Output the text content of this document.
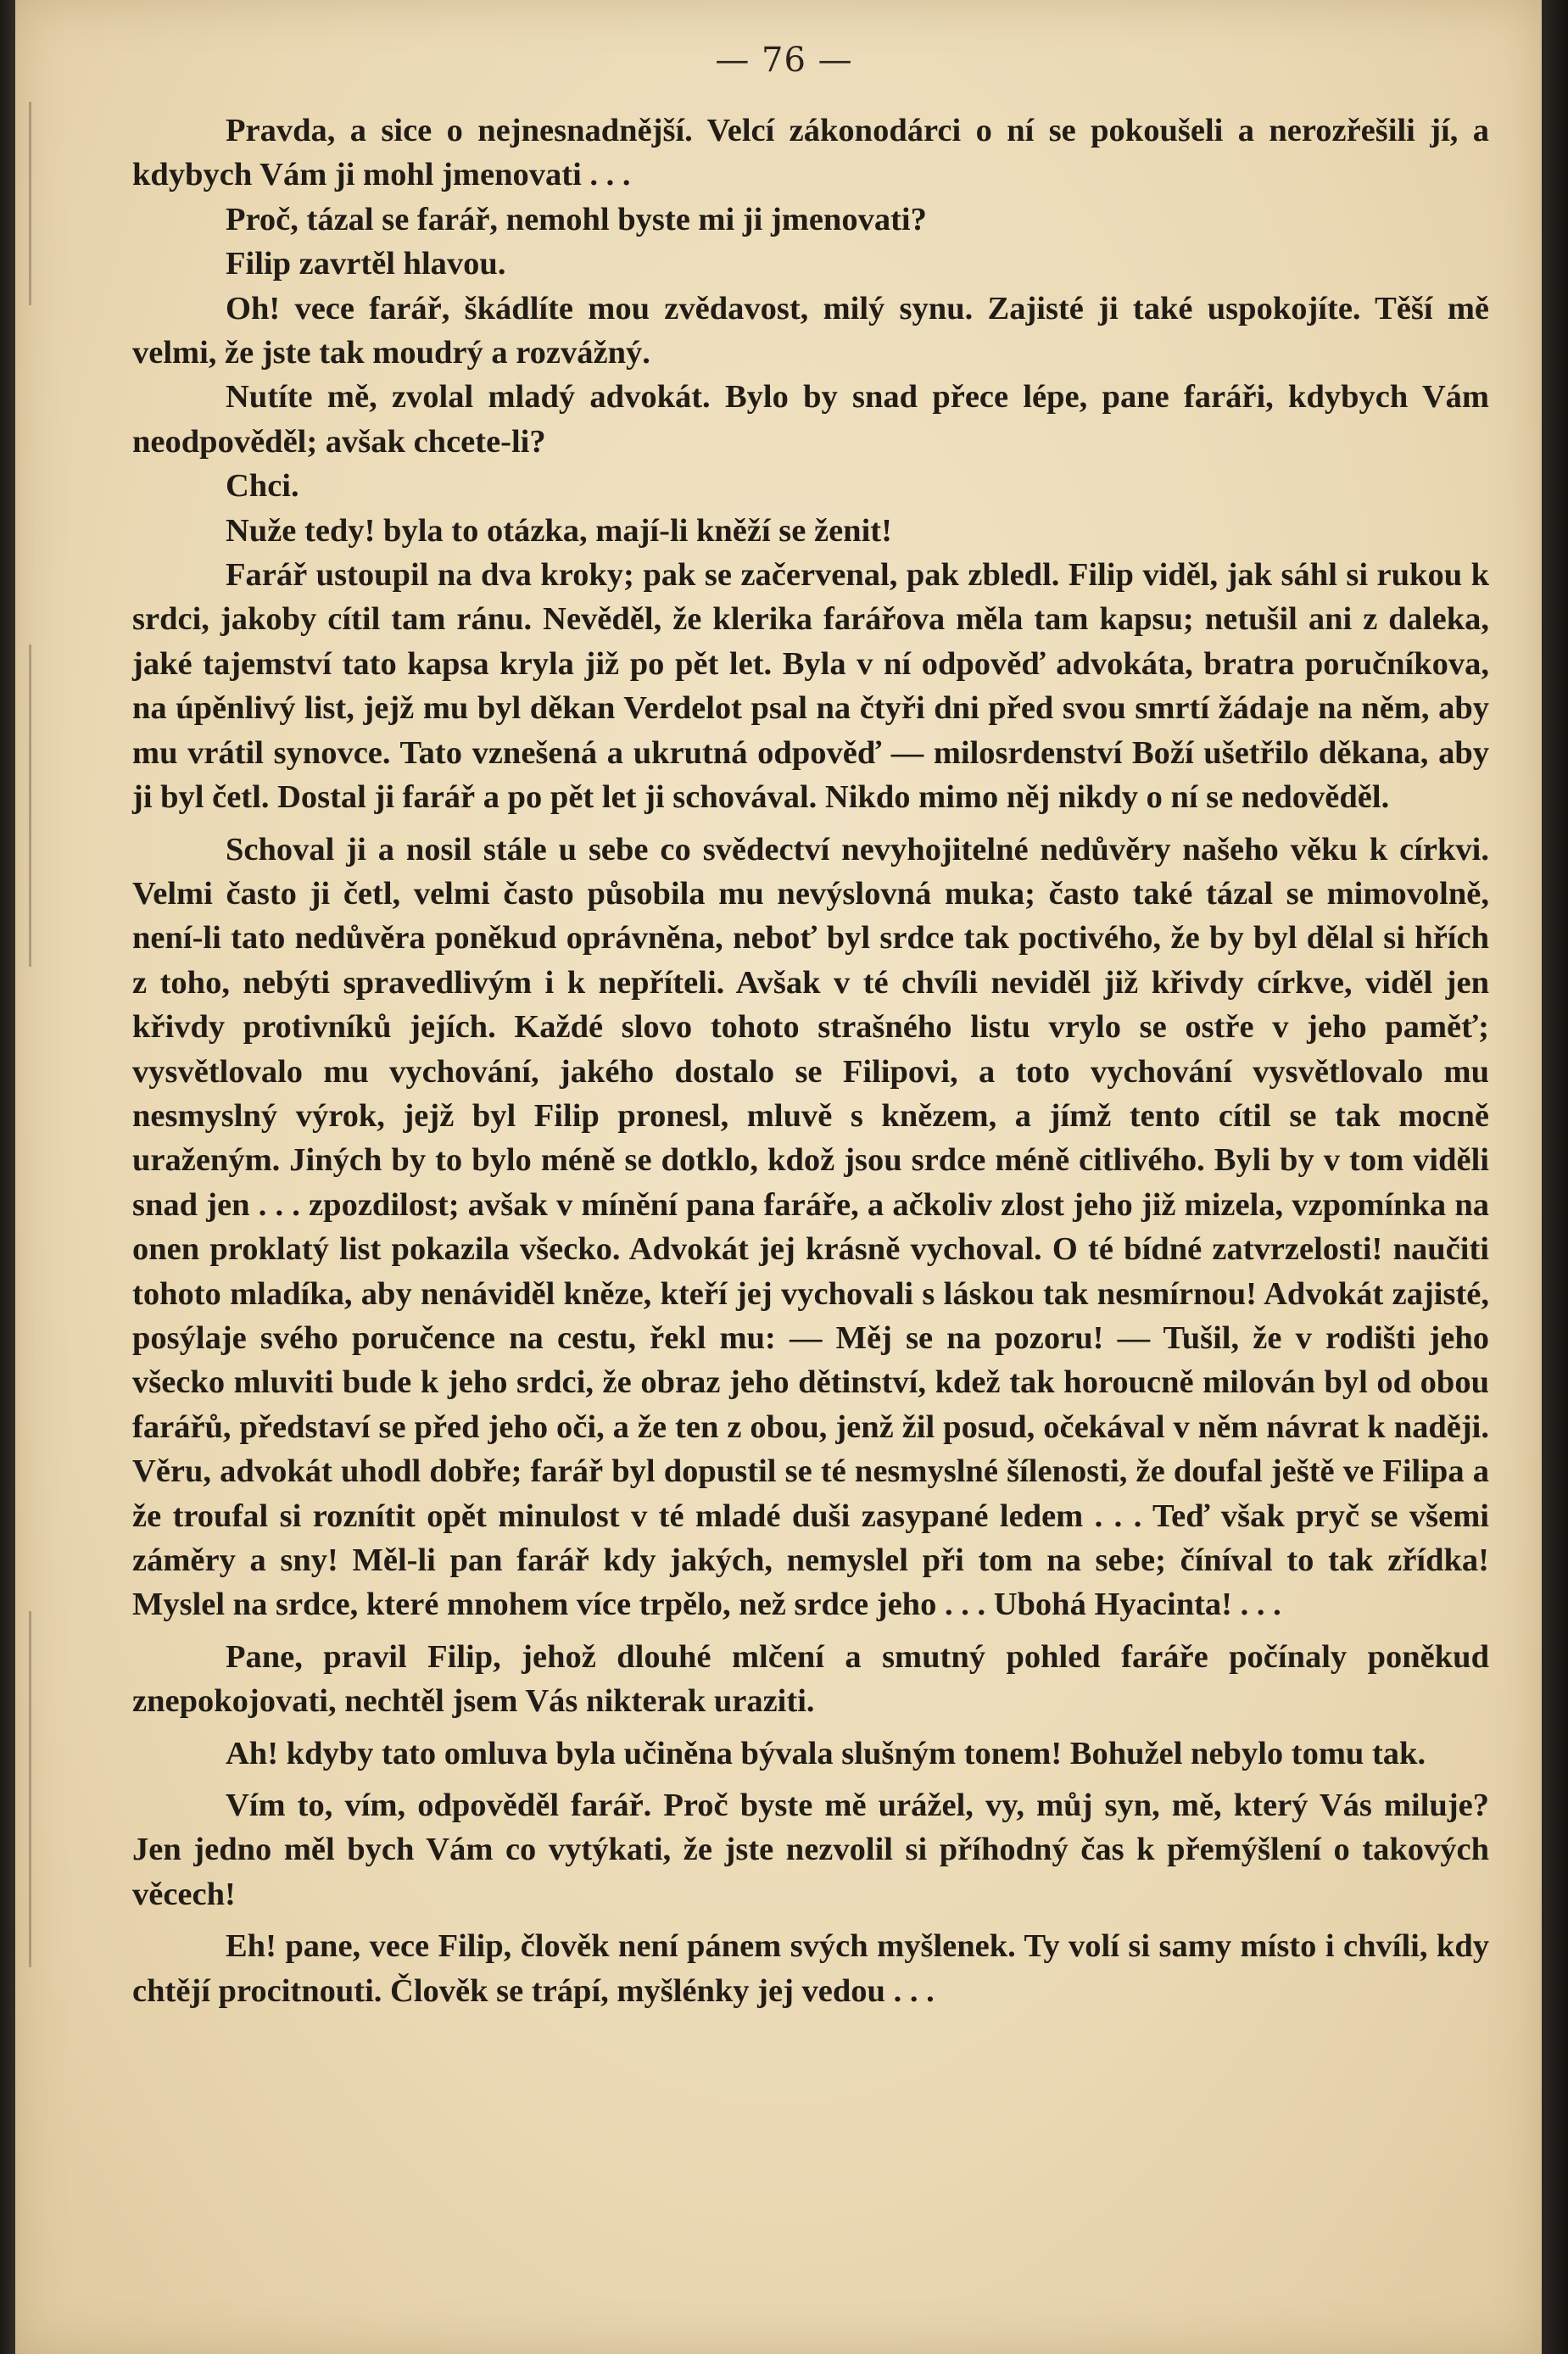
— 76 —

Pravda, a sice o nejnesnadnější. Velcí zákonodárci o ní se pokoušeli a nerozřešili jí, a kdybych Vám ji mohl jmenovati . . .

Proč, tázal se farář, nemohl byste mi ji jmenovati?

Filip zavrtěl hlavou.

Oh! vece farář, škádlíte mou zvědavost, milý synu. Zajisté ji také uspokojíte. Těší mě velmi, že jste tak moudrý a rozvážný.

Nutíte mě, zvolal mladý advokát. Bylo by snad přece lépe, pane faráři, kdybych Vám neodpověděl; avšak chcete-li?

Chci.

Nuže tedy! byla to otázka, mají-li kněží se ženit!

Farář ustoupil na dva kroky; pak se začervenal, pak zbledl. Filip viděl, jak sáhl si rukou k srdci, jakoby cítil tam ránu. Nevěděl, že klerika farářova měla tam kapsu; netušil ani z daleka, jaké tajemství tato kapsa kryla již po pět let. Byla v ní odpověď advokáta, bratra poručníkova, na úpěnlivý list, jejž mu byl děkan Verdelot psal na čtyři dni před svou smrtí žádaje na něm, aby mu vrátil synovce. Tato vznešená a ukrutná odpověď — milosrdenství Boží ušetřilo děkana, aby ji byl četl. Dostal ji farář a po pět let ji schovával. Nikdo mimo něj nikdy o ní se nedověděl.

Schoval ji a nosil stále u sebe co svědectví nevyhojitelné nedůvěry našeho věku k církvi. Velmi často ji četl, velmi často působila mu nevýslovná muka; často také tázal se mimovolně, není-li tato nedůvěra poněkud oprávněna, neboť byl srdce tak poctivého, že by byl dělal si hřích z toho, nebýti spravedlivým i k nepříteli. Avšak v té chvíli neviděl již křivdy církve, viděl jen křivdy protivníků jejích. Každé slovo tohoto strašného listu vrylo se ostře v jeho paměť; vysvětlovalo mu vychování, jakého dostalo se Filipovi, a toto vychování vysvětlovalo mu nesmyslný výrok, jejž byl Filip pronesl, mluvě s knězem, a jímž tento cítil se tak mocně uraženým. Jiných by to bylo méně se dotklo, kdož jsou srdce méně citlivého. Byli by v tom viděli snad jen . . . zpozdilost; avšak v mínění pana faráře, a ačkoliv zlost jeho již mizela, vzpomínka na onen proklatý list pokazila všecko. Advokát jej krásně vychoval. O té bídné zatvrzelosti! naučiti tohoto mladíka, aby nenáviděl kněze, kteří jej vychovali s láskou tak nesmírnou! Advokát zajisté, posýlaje svého poručence na cestu, řekl mu: — Měj se na pozoru! — Tušil, že v rodišti jeho všecko mluviti bude k jeho srdci, že obraz jeho dětinství, kdež tak horoucně milován byl od obou farářů, představí se před jeho oči, a že ten z obou, jenž žil posud, očekával v něm návrat k naději. Věru, advokát uhodl dobře; farář byl dopustil se té nesmyslné šílenosti, že doufal ještě ve Filipa a že troufal si roznítit opět minulost v té mladé duši zasypané ledem . . . Teď však pryč se všemi záměry a sny! Měl-li pan farář kdy jakých, nemyslel při tom na sebe; číníval to tak zřídka! Myslel na srdce, které mnohem více trpělo, než srdce jeho . . . Ubohá Hyacinta! . . .

Pane, pravil Filip, jehož dlouhé mlčení a smutný pohled faráře počínaly poněkud znepokojovati, nechtěl jsem Vás nikterak uraziti.

Ah! kdyby tato omluva byla učiněna bývala slušným tonem! Bohužel nebylo tomu tak.

Vím to, vím, odpověděl farář. Proč byste mě urážel, vy, můj syn, mě, který Vás miluje? Jen jedno měl bych Vám co vytýkati, že jste nezvolil si příhodný čas k přemýšlení o takových věcech!

Eh! pane, vece Filip, člověk není pánem svých myšlenek. Ty volí si samy místo i chvíli, kdy chtějí procitnouti. Člověk se trápí, myšlénky jej vedou . . .
